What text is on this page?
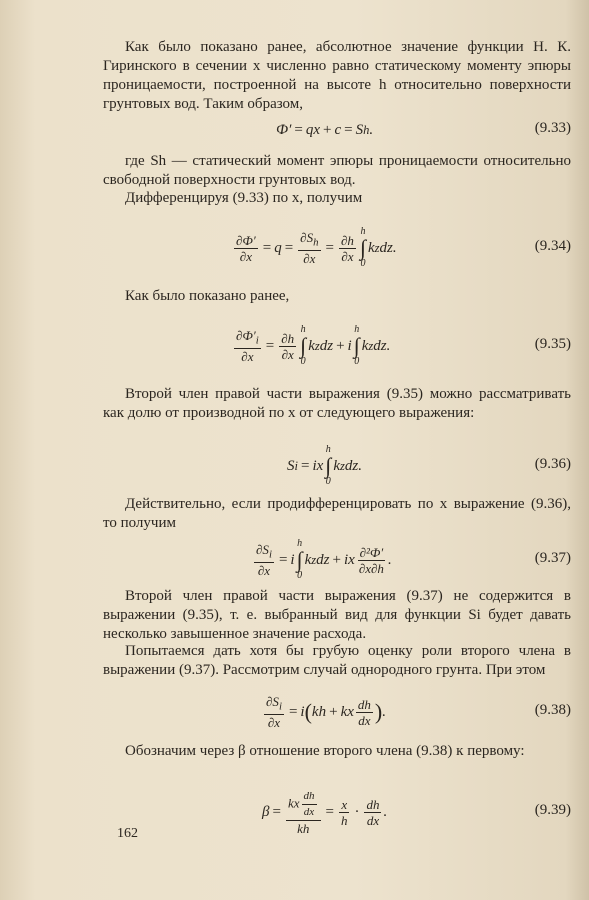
Как было показано ранее, абсолютное значение функции Н. К. Гиринского в сечении x численно равно статическому моменту эпюры проницаемости, построенной на высоте h относительно поверхности грунтовых вод. Таким образом,

Ф′ = qx + c = S h .	(9.33)

где Sh — статический момент эпюры проницаемости относительно свободной поверхности грунтовых вод.

Дифференцируя (9.33) по x, получим

$\frac{\partial Ф'}{\partial x} = q = \frac{\partial S_h}{\partial x} = \frac{\partial h}{\partial x}$
h
∫
0
k z dz.	(9.34)

Как было показано ранее,

$\frac{\partial Ф'_i}{\partial x} = \frac{\partial h}{\partial x}$
h
∫
0
k z dz + i
h
∫
0
k z dz.	(9.35)

Второй член правой части выражения (9.35) можно рассматривать как долю от производной по x от следующего выражения:

S i = ix
h
∫
0
k z dz.	(9.36)

Действительно, если продифференцировать по x выражение (9.36), то получим

$\frac{\partial S_i}{\partial x} = i$
h
∫
0
k z dz + ix $\frac{\text{∂²Ф′}}{\partial x\partial h}$ .	(9.37)

Второй член правой части выражения (9.37) не содержится в выражении (9.35), т. е. выбранный вид для функции Si будет давать несколько завышенное значение расхода.

Попытаемся дать хотя бы грубую оценку роли второго члена в выражении (9.37). Рассмотрим случай однородного грунта. При этом

$\frac{\partial S_i}{\partial x} = i$ ( kh + kx $\frac{dh}{dx}$ ) .	(9.38)

Обозначим через β отношение второго члена (9.38) к первому:

$\beta = \frac{kx \frac{dh}{dx}}{kh} = \frac{x}{h} \cdot \frac{dh}{dx}$ .	(9.39)
162
